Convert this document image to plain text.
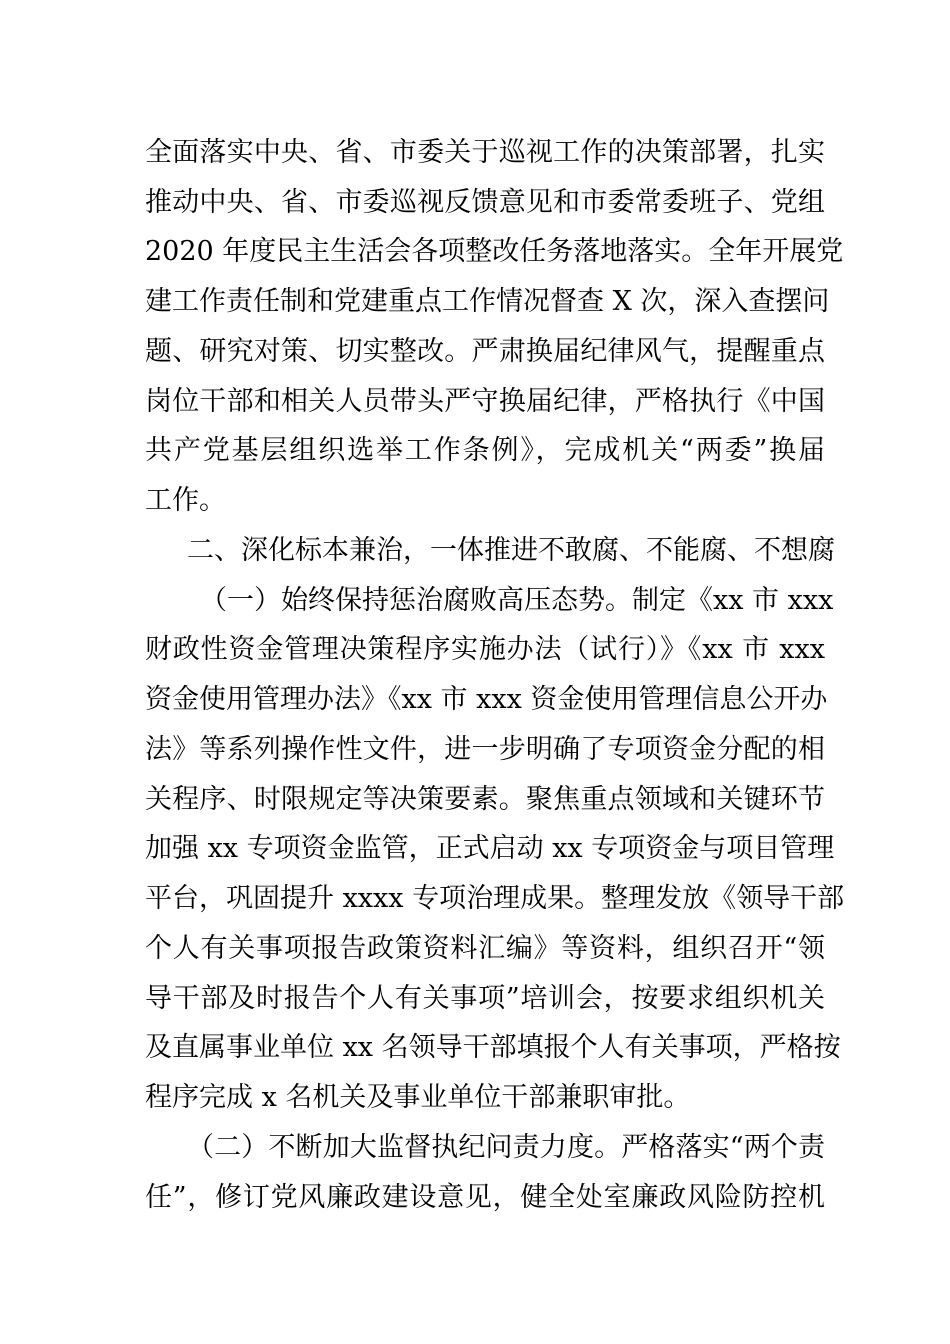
全面落实中央、省、市委关于巡视工作的决策部署，扎实
推动中央、省、市委巡视反馈意见和市委常委班子、党组
2020 年度民主生活会各项整改任务落地落实。全年开展党
建工作责任制和党建重点工作情况督查 X 次，深入查摆问
题、研究对策、切实整改。严肃换届纪律风气，提醒重点
岗位干部和相关人员带头严守换届纪律，严格执行《中国
共产党基层组织选举工作条例》，完成机关“两委”换届
工作。
二、深化标本兼治，一体推进不敢腐、不能腐、不想腐
（一）始终保持惩治腐败高压态势。制定《xx 市 xxx
财政性资金管理决策程序实施办法（试行）》《xx 市 xxx
资金使用管理办法》《xx 市 xxx 资金使用管理信息公开办
法》等系列操作性文件，进一步明确了专项资金分配的相
关程序、时限规定等决策要素。聚焦重点领域和关键环节
加强 xx 专项资金监管，正式启动 xx 专项资金与项目管理
平台，巩固提升 xxxx 专项治理成果。整理发放《领导干部
个人有关事项报告政策资料汇编》等资料，组织召开“领
导干部及时报告个人有关事项”培训会，按要求组织机关
及直属事业单位 xx 名领导干部填报个人有关事项，严格按
程序完成 x 名机关及事业单位干部兼职审批。
（二）不断加大监督执纪问责力度。严格落实“两个责
任”，修订党风廉政建设意见，健全处室廉政风险防控机
